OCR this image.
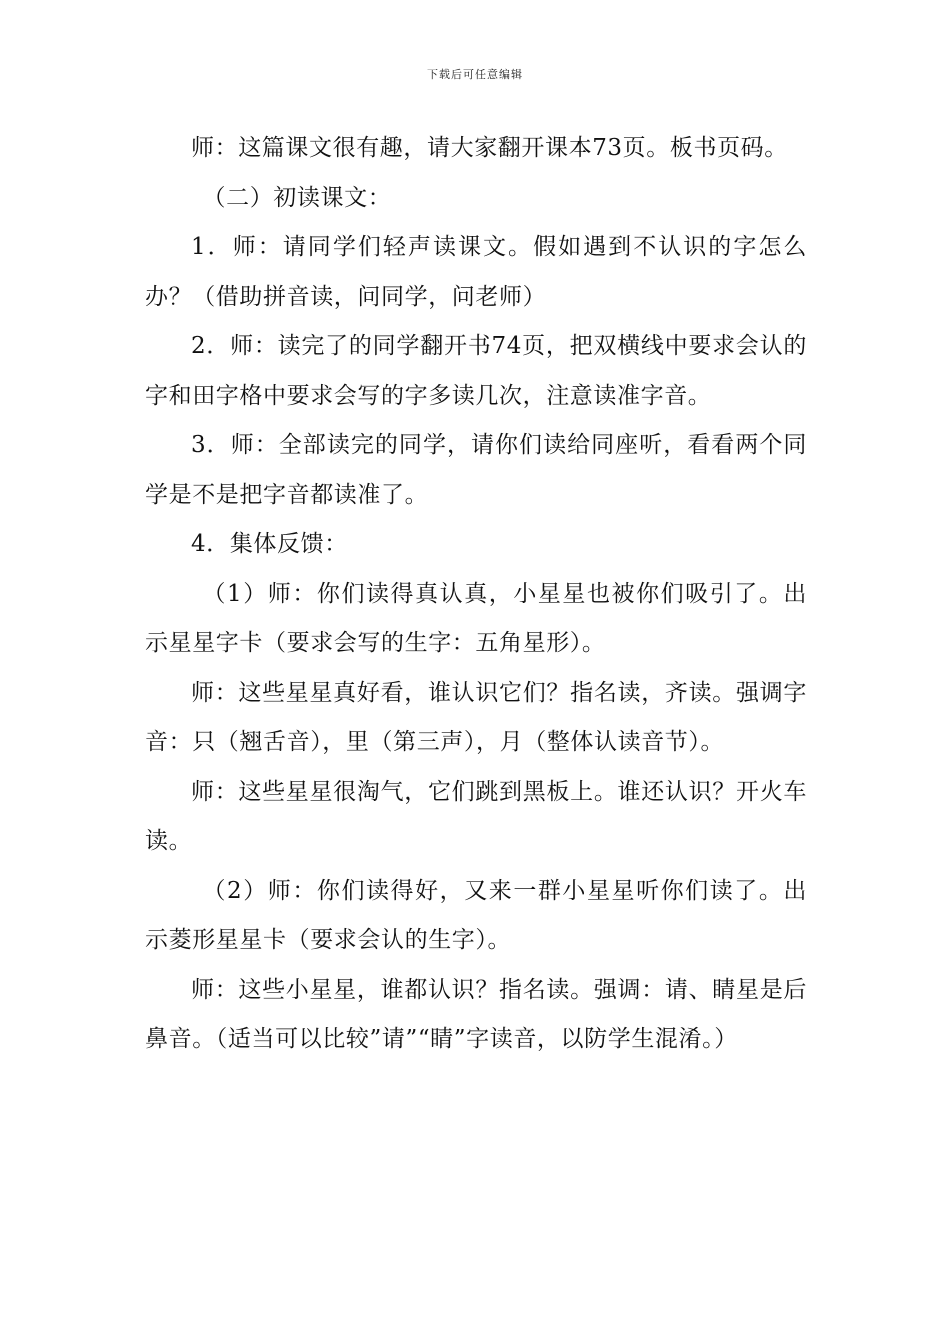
下载后可任意编辑

师：这篇课文很有趣，请大家翻开课本73页。板书页码。

（二）初读课文：

1．师：请同学们轻声读课文。假如遇到不认识的字怎么办？（借助拼音读，问同学，问老师）

2．师：读完了的同学翻开书74页，把双横线中要求会认的字和田字格中要求会写的字多读几次，注意读准字音。

3．师：全部读完的同学，请你们读给同座听，看看两个同学是不是把字音都读准了。

4．集体反馈：

（1）师：你们读得真认真，小星星也被你们吸引了。出示星星字卡（要求会写的生字：五角星形）。

师：这些星星真好看，谁认识它们？指名读，齐读。强调字音：只（翘舌音），里（第三声），月（整体认读音节）。

师：这些星星很淘气，它们跳到黑板上。谁还认识？开火车读。

（2）师：你们读得好，又来一群小星星听你们读了。出示菱形星星卡（要求会认的生字）。

师：这些小星星，谁都认识？指名读。强调：请、睛星是后鼻音。（适当可以比较”请”“睛”字读音，以防学生混淆。）
